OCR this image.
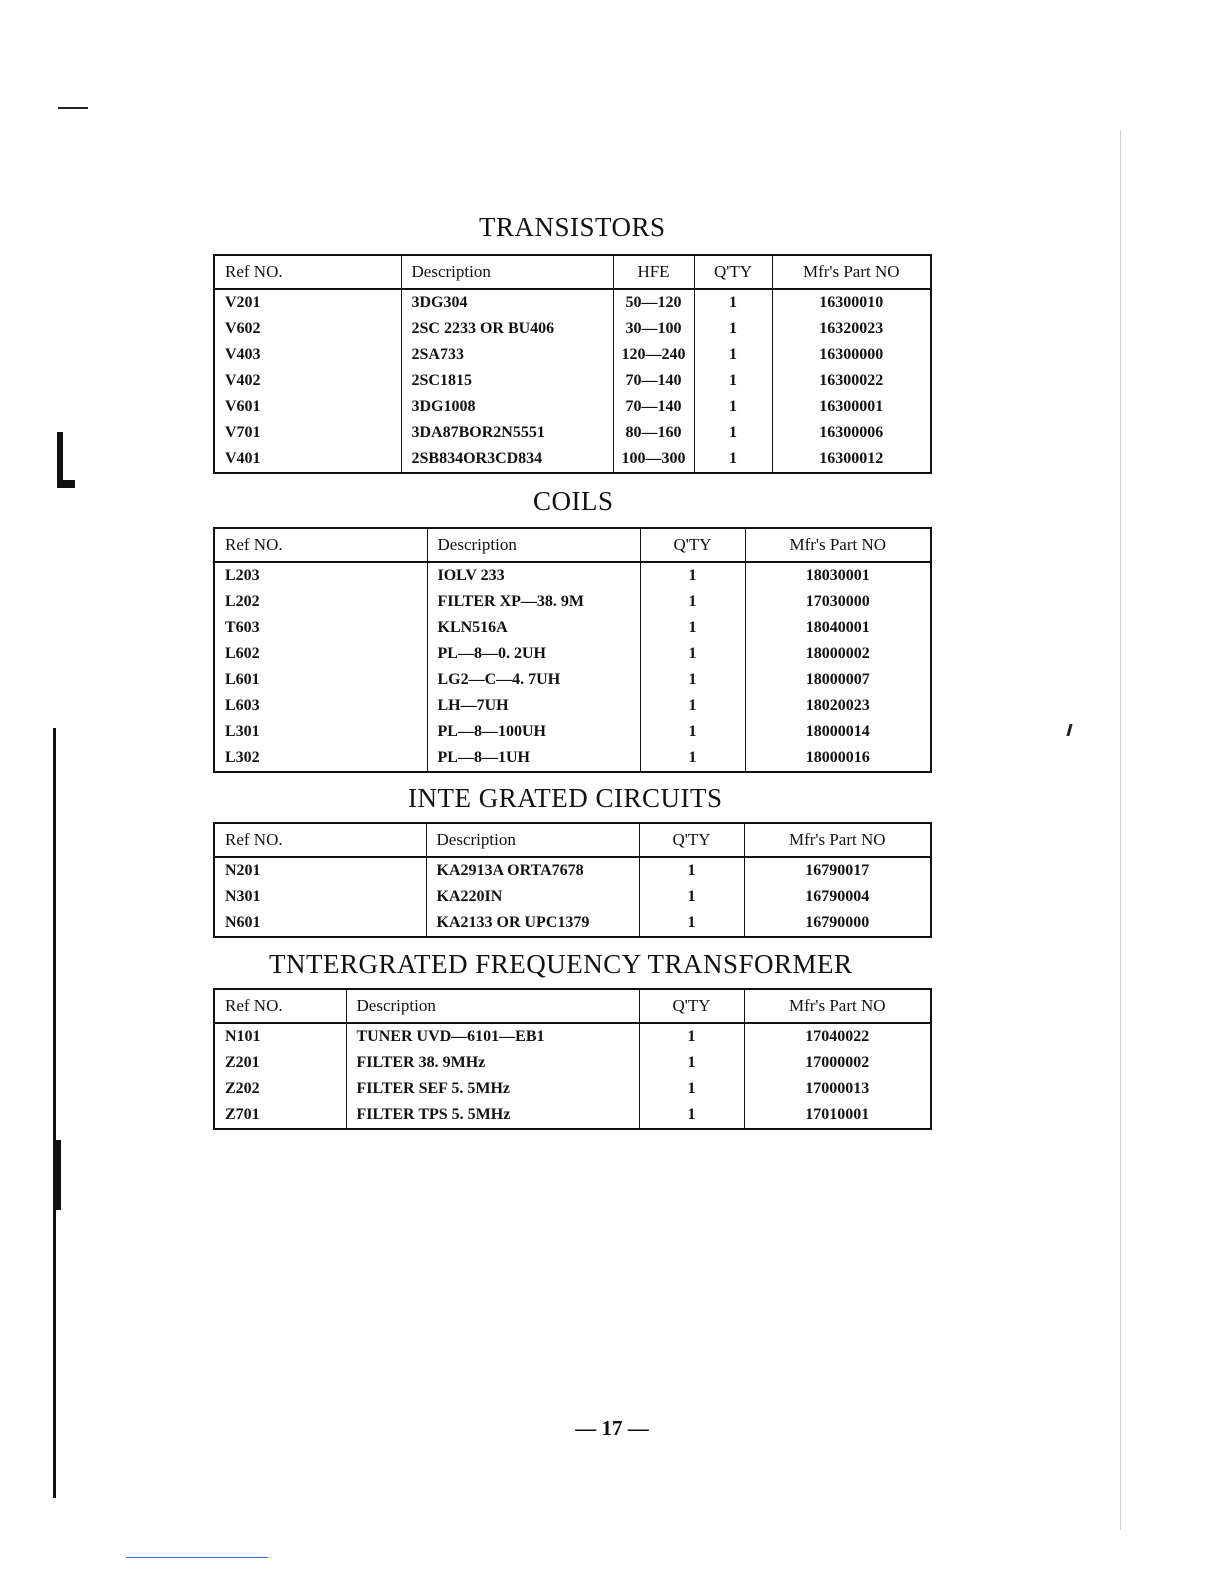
TRANSISTORS
Ref NO.	Description	HFE	Q'TY	Mfr's Part NO
V201	3DG304	50—120	1	16300010
V602	2SC 2233 OR BU406	30—100	1	16320023
V403	2SA733	120—240	1	16300000
V402	2SC1815	70—140	1	16300022
V601	3DG1008	70—140	1	16300001
V701	3DA87BOR2N5551	80—160	1	16300006
V401	2SB834OR3CD834	100—300	1	16300012
COILS
Ref NO.	Description	Q'TY	Mfr's Part NO
L203	IOLV 233	1	18030001
L202	FILTER XP—38. 9M	1	17030000
T603	KLN516A	1	18040001
L602	PL—8—0. 2UH	1	18000002
L601	LG2—C—4. 7UH	1	18000007
L603	LH—7UH	1	18020023
L301	PL—8—100UH	1	18000014
L302	PL—8—1UH	1	18000016
INTE GRATED CIRCUITS
Ref NO.	Description	Q'TY	Mfr's Part NO
N201	KA2913A ORTA7678	1	16790017
N301	KA220IN	1	16790004
N601	KA2133 OR UPC1379	1	16790000
TNTERGRATED FREQUENCY TRANSFORMER
Ref NO.	Description	Q'TY	Mfr's Part NO
N101	TUNER UVD—6101—EB1	1	17040022
Z201	FILTER 38. 9MHz	1	17000002
Z202	FILTER SEF 5. 5MHz	1	17000013
Z701	FILTER TPS 5. 5MHz	1	17010001
— 17 —
